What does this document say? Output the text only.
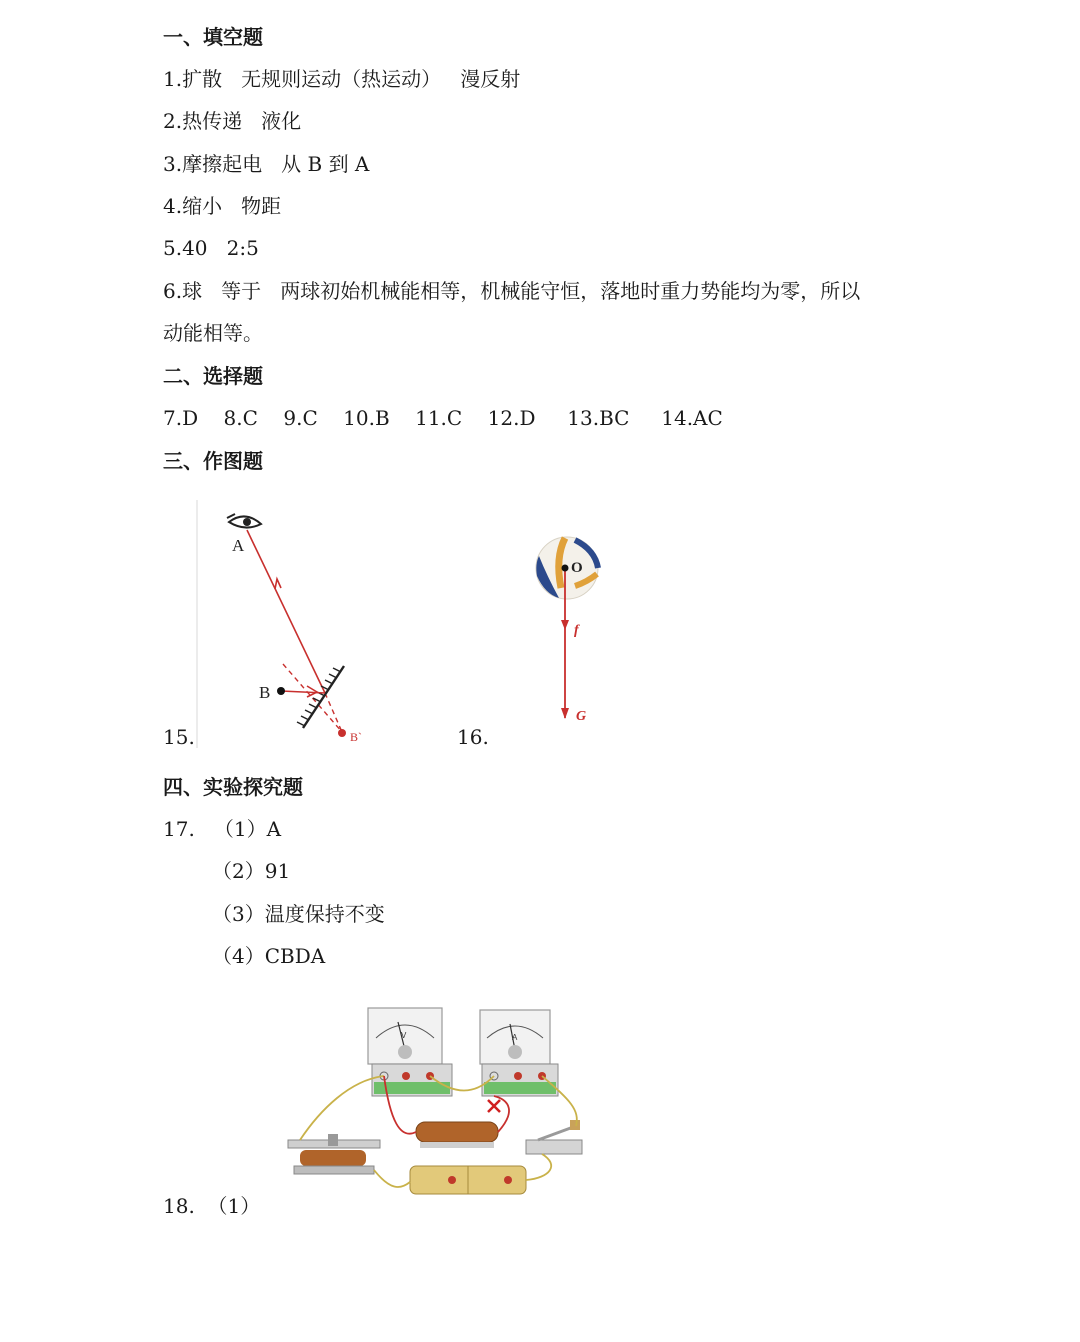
一、填空题
1.扩散   无规则运动（热运动）   漫反射
2.热传递   液化
3.摩擦起电   从 B 到 A
4.缩小   物距
5.40   2:5
6.球   等于   两球初始机械能相等，机械能守恒，落地时重力势能均为零，所以
动能相等。
二、选择题
7.D    8.C    9.C    10.B    11.C    12.D     13.BC     14.AC
三、作图题
15.	16.
A
B
B`
O
f
G
四、实验探究题
17.   （1）A
（2）91
（3）温度保持不变
（4）CBDA
V	A
18.  （1）
